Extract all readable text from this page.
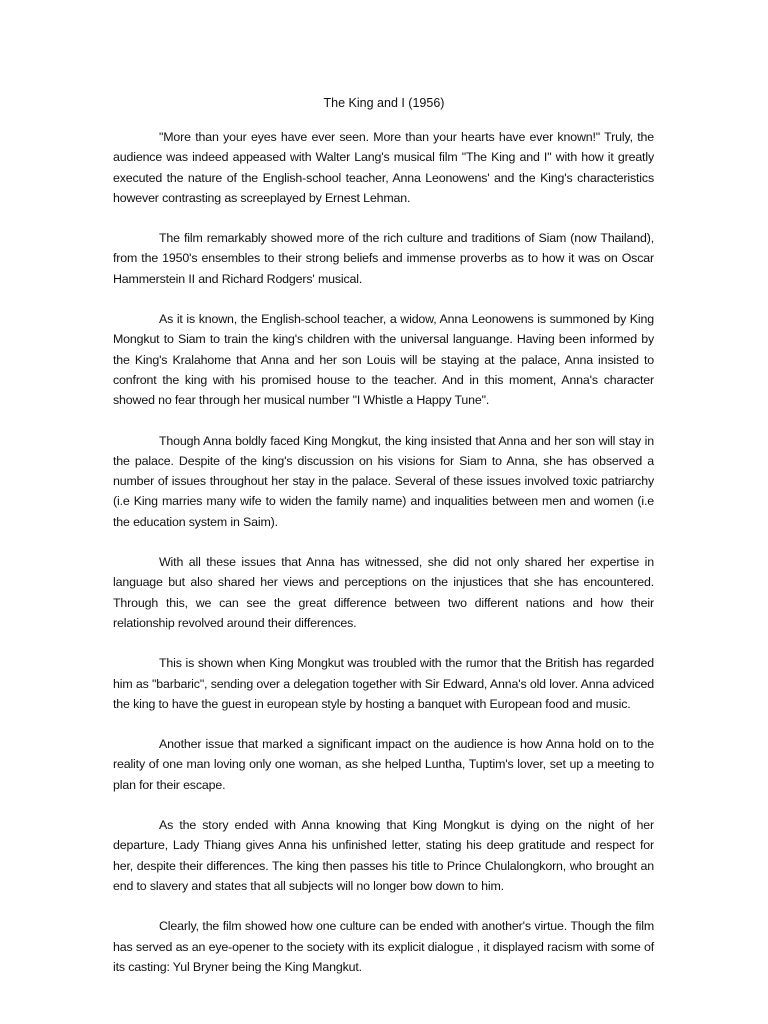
The King and I (1956)

"More than your eyes have ever seen. More than your hearts have ever known!" Truly, the audience was indeed appeased with Walter Lang's musical film "The King and I" with how it greatly executed the nature of the English-school teacher, Anna Leonowens' and the King's characteristics however contrasting as screeplayed by Ernest Lehman.

The film remarkably showed more of the rich culture and traditions of Siam (now Thailand), from the 1950's ensembles to their strong beliefs and immense proverbs as to how it was on Oscar Hammerstein II and Richard Rodgers' musical.

As it is known, the English-school teacher, a widow, Anna Leonowens is summoned by King Mongkut to Siam to train the king's children with the universal languange. Having been informed by the King's Kralahome that Anna and her son Louis will be staying at the palace, Anna insisted to confront the king with his promised house to the teacher. And in this moment, Anna's character showed no fear through her musical number "I Whistle a Happy Tune".

Though Anna boldly faced King Mongkut, the king insisted that Anna and her son will stay in the palace. Despite of the king's discussion on his visions for Siam to Anna, she has observed a number of issues throughout her stay in the palace. Several of these issues involved toxic patriarchy (i.e King marries many wife to widen the family name) and inqualities between men and women (i.e the education system in Saim).

With all these issues that Anna has witnessed, she did not only shared her expertise in language but also shared her views and perceptions on the injustices that she has encountered. Through this, we can see the great difference between two different nations and how their relationship revolved around their differences.

This is shown when King Mongkut was troubled with the rumor that the British has regarded him as "barbaric", sending over a delegation together with Sir Edward, Anna's old lover. Anna adviced the king to have the guest in european style by hosting a banquet with European food and music.

Another issue that marked a significant impact on the audience is how Anna hold on to the reality of one man loving only one woman, as she helped Luntha, Tuptim's lover, set up a meeting to plan for their escape.

As the story ended with Anna knowing that King Mongkut is dying on the night of her departure, Lady Thiang gives Anna his unfinished letter, stating his deep gratitude and respect for her, despite their differences. The king then passes his title to Prince Chulalongkorn, who brought an end to slavery and states that all subjects will no longer bow down to him.

Clearly, the film showed how one culture can be ended with another's virtue. Though the film has served as an eye-opener to the society with its explicit dialogue , it displayed racism with some of its casting: Yul Bryner being the King Mangkut.
